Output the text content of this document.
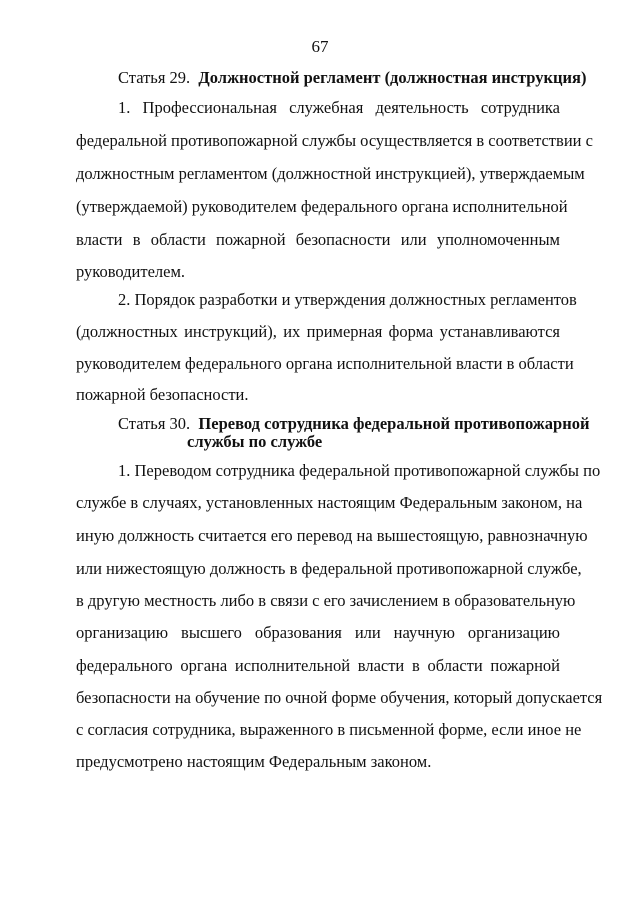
67
Статья 29. Должностной регламент (должностная инструкция)
1. Профессиональная служебная деятельность сотрудника
федеральной противопожарной службы осуществляется в соответствии с
должностным регламентом (должностной инструкцией), утверждаемым
(утверждаемой) руководителем федерального органа исполнительной
власти в области пожарной безопасности или уполномоченным
руководителем.
2. Порядок разработки и утверждения должностных регламентов
(должностных инструкций), их примерная форма устанавливаются
руководителем федерального органа исполнительной власти в области
пожарной безопасности.
Статья 30. Перевод сотрудника федеральной противопожарной
службы по службе
1. Переводом сотрудника федеральной противопожарной службы по
службе в случаях, установленных настоящим Федеральным законом, на
иную должность считается его перевод на вышестоящую, равнозначную
или нижестоящую должность в федеральной противопожарной службе,
в другую местность либо в связи с его зачислением в образовательную
организацию высшего образования или научную организацию
федерального органа исполнительной власти в области пожарной
безопасности на обучение по очной форме обучения, который допускается
с согласия сотрудника, выраженного в письменной форме, если иное не
предусмотрено настоящим Федеральным законом.
